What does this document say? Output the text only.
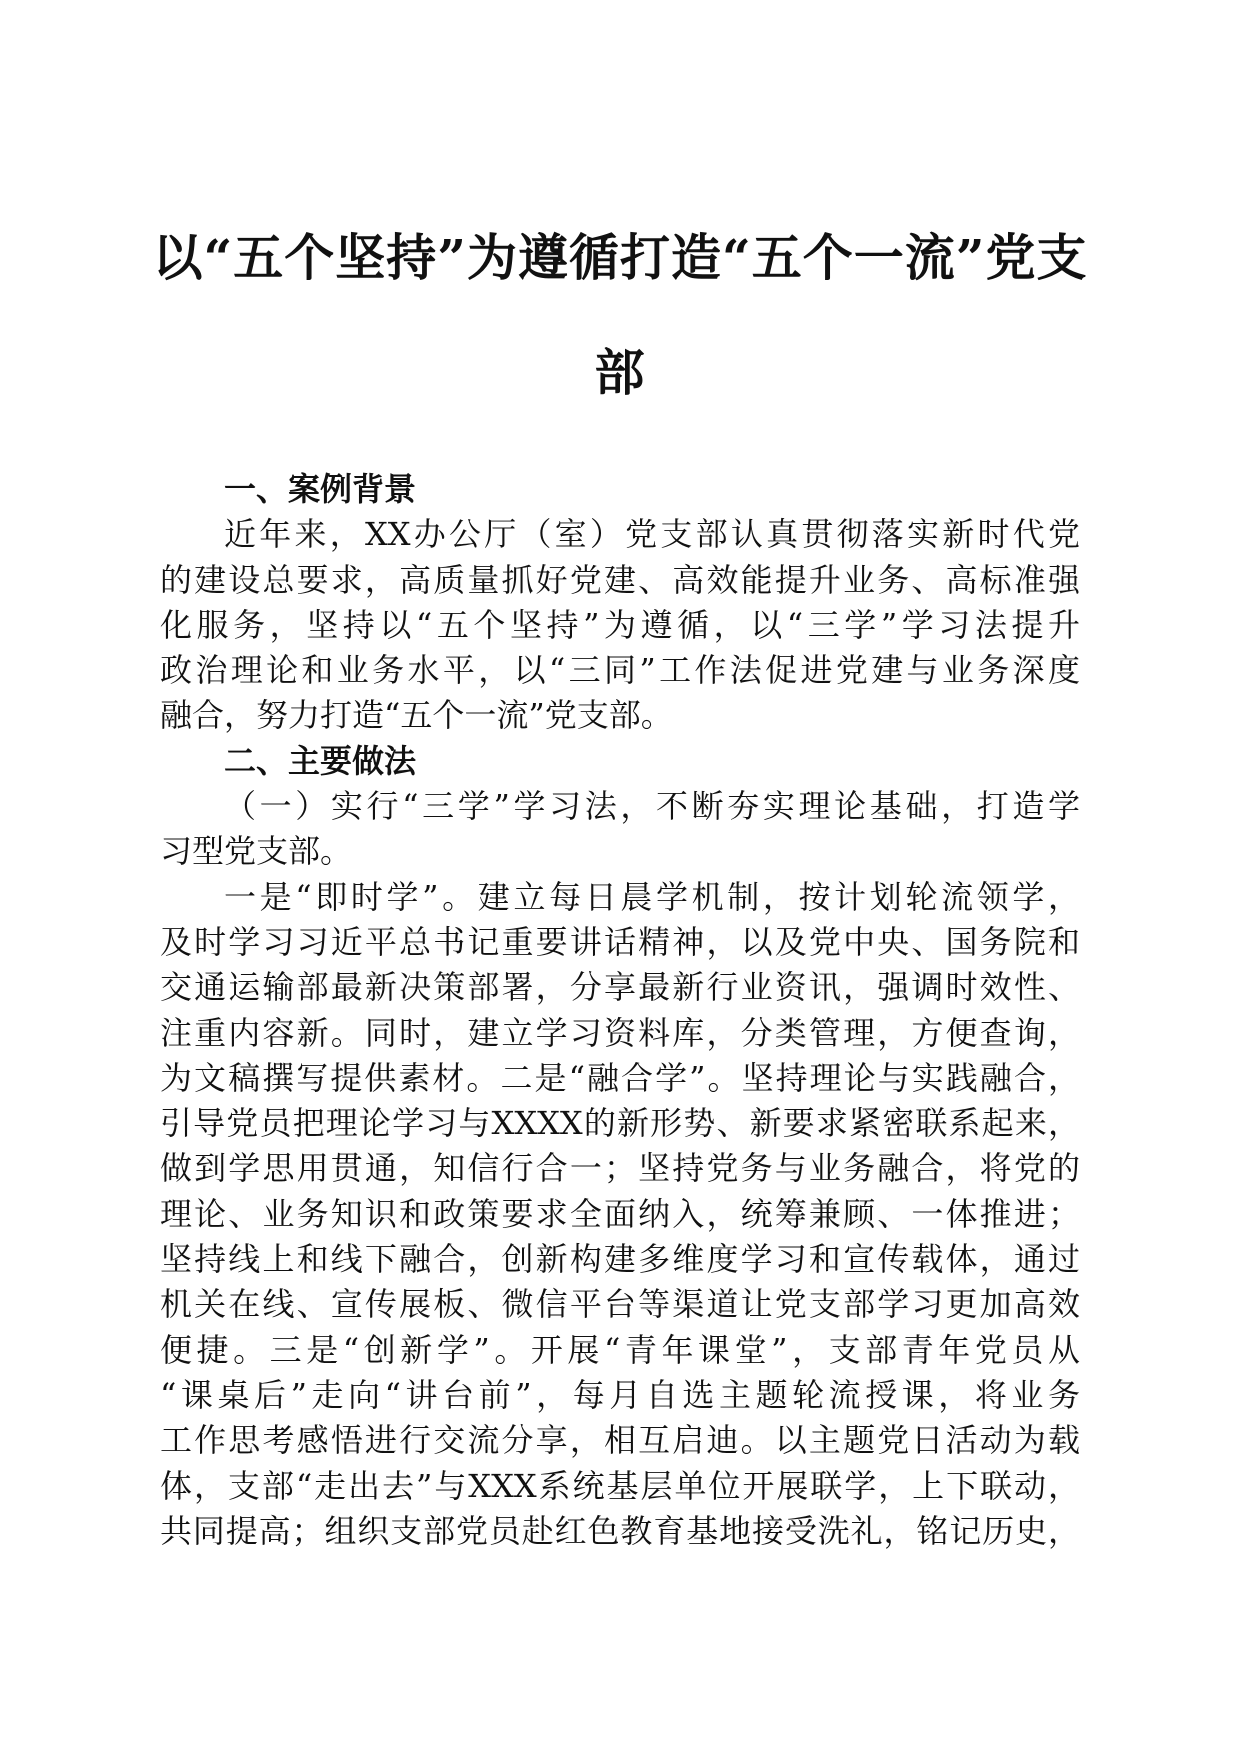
以“五个坚持”为遵循打造“五个一流”党支
部
一、案例背景
近年来，XX办公厅（室）党支部认真贯彻落实新时代党
的建设总要求，高质量抓好党建、高效能提升业务、高标准强
化服务，坚持以“五个坚持”为遵循，以“三学”学习法提升
政治理论和业务水平，以“三同”工作法促进党建与业务深度
融合，努力打造“五个一流”党支部。
二、主要做法
（一）实行“三学”学习法，不断夯实理论基础，打造学
习型党支部。
一是“即时学”。建立每日晨学机制，按计划轮流领学，
及时学习习近平总书记重要讲话精神，以及党中央、国务院和
交通运输部最新决策部署，分享最新行业资讯，强调时效性、
注重内容新。同时，建立学习资料库，分类管理，方便查询，
为文稿撰写提供素材。二是“融合学”。坚持理论与实践融合，
引导党员把理论学习与XXXX的新形势、新要求紧密联系起来，
做到学思用贯通，知信行合一；坚持党务与业务融合，将党的
理论、业务知识和政策要求全面纳入，统筹兼顾、一体推进；
坚持线上和线下融合，创新构建多维度学习和宣传载体，通过
机关在线、宣传展板、微信平台等渠道让党支部学习更加高效
便捷。三是“创新学”。开展“青年课堂”，支部青年党员从
“课桌后”走向“讲台前”，每月自选主题轮流授课，将业务
工作思考感悟进行交流分享，相互启迪。以主题党日活动为载
体，支部“走出去”与XXX系统基层单位开展联学，上下联动，
共同提高；组织支部党员赴红色教育基地接受洗礼，铭记历史，
